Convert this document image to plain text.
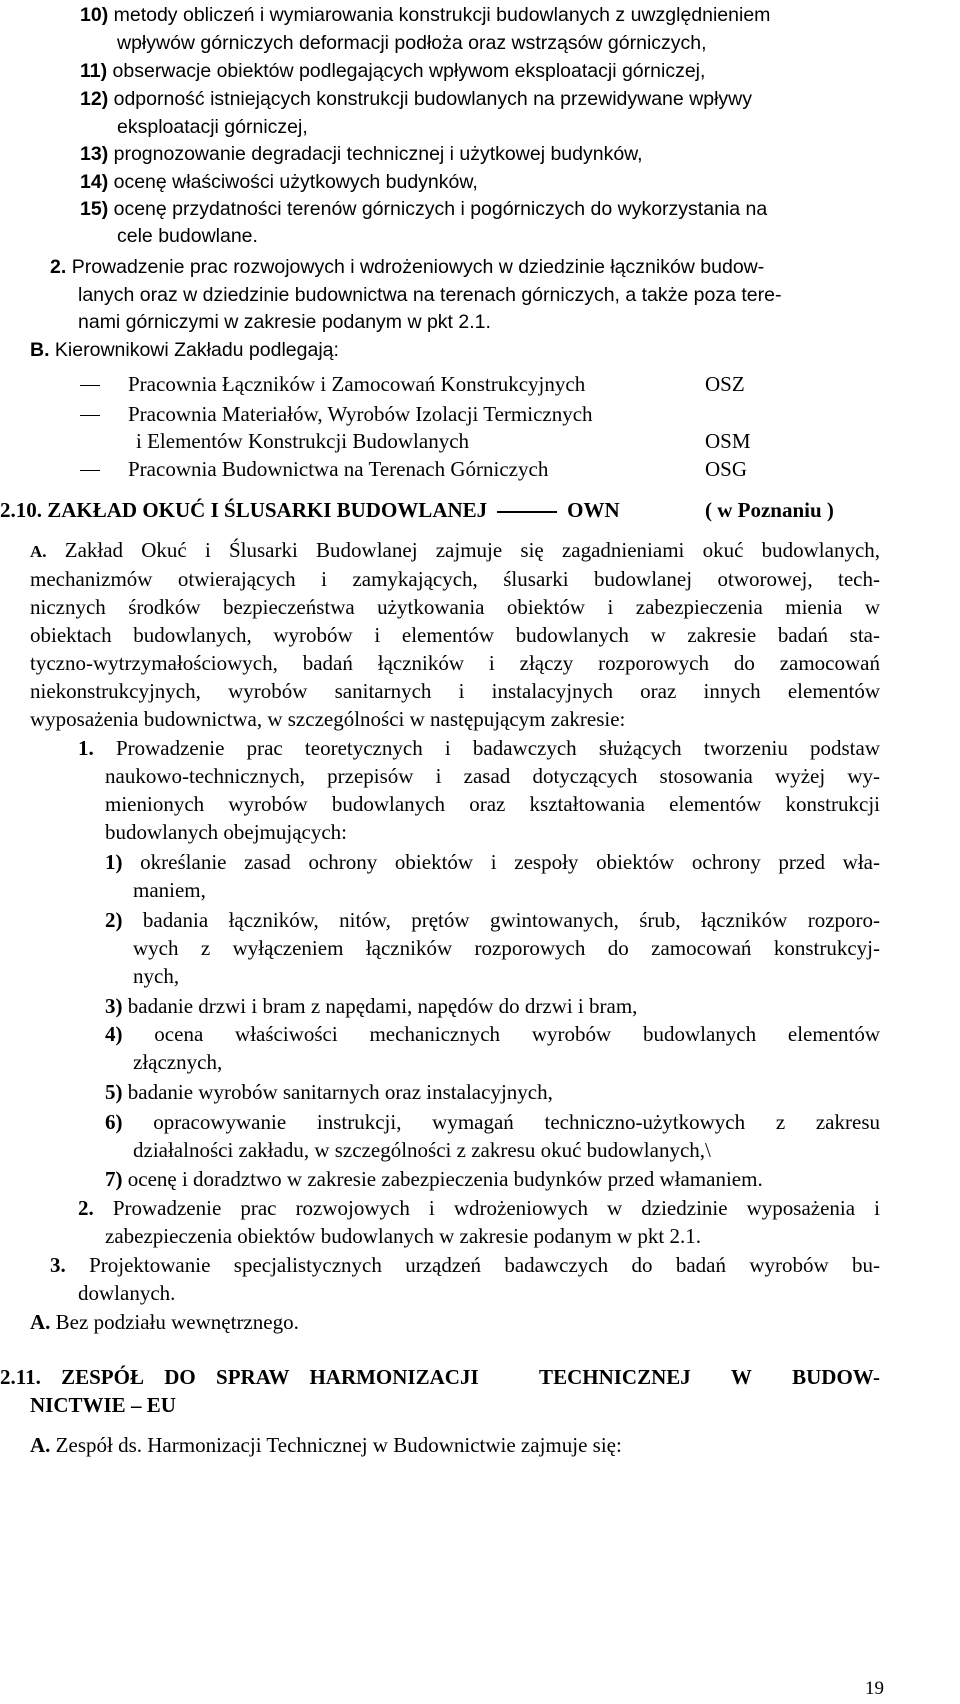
10) metody obliczeń i wymiarowania konstrukcji budowlanych z uwzględnieniem
wpływów górniczych deformacji podłoża oraz wstrząsów górniczych,
11) obserwacje obiektów podlegających wpływom eksploatacji górniczej,
12) odporność istniejących konstrukcji budowlanych na przewidywane wpływy
eksploatacji górniczej,
13) prognozowanie degradacji technicznej i użytkowej budynków,
14) ocenę właściwości użytkowych budynków,
15) ocenę przydatności terenów górniczych i pogórniczych do wykorzystania na
cele budowlane.
2. Prowadzenie prac rozwojowych i wdrożeniowych w dziedzinie łączników budow-
lanych oraz w dziedzinie budownictwa na terenach górniczych, a także poza tere-
nami górniczymi w zakresie podanym w pkt 2.1.
B. Kierownikowi Zakładu podlegają:
Pracownia Łączników i Zamocowań Konstrukcyjnych	OSZ
Pracownia Materiałów, Wyrobów Izolacji Termicznych
i Elementów Konstrukcji Budowlanych	OSM
Pracownia Budownictwa na Terenach Górniczych	OSG
2.10. ZAKŁAD OKUĆ I ŚLUSARKI BUDOWLANEJ	OWN	( w Poznaniu )
A. Zakład Okuć i Ślusarki Budowlanej zajmuje się zagadnieniami okuć budowlanych,
mechanizmów otwierających i zamykających, ślusarki budowlanej otworowej, tech-
nicznych środków bezpieczeństwa użytkowania obiektów i zabezpieczenia mienia w
obiektach budowlanych, wyrobów i elementów budowlanych w zakresie badań sta-
tyczno-wytrzymałościowych, badań łączników i złączy rozporowych do zamocowań
niekonstrukcyjnych, wyrobów sanitarnych i instalacyjnych oraz innych elementów
wyposażenia budownictwa, w szczególności w następującym zakresie:
1. Prowadzenie prac teoretycznych i badawczych służących tworzeniu podstaw
naukowo-technicznych, przepisów i zasad dotyczących stosowania wyżej wy-
mienionych wyrobów budowlanych oraz kształtowania elementów konstrukcji
budowlanych obejmujących:
1) określanie zasad ochrony obiektów i zespoły obiektów ochrony przed wła-
maniem,
2) badania łączników, nitów, prętów gwintowanych, śrub, łączników rozporo-
wych z wyłączeniem łączników rozporowych do zamocowań konstrukcyj-
nych,
3) badanie drzwi i bram z napędami, napędów do drzwi i bram,
4) ocena właściwości mechanicznych wyrobów budowlanych elementów
złącznych,
5) badanie wyrobów sanitarnych oraz instalacyjnych,
6) opracowywanie instrukcji, wymagań techniczno-użytkowych z zakresu
działalności zakładu, w szczególności z zakresu okuć budowlanych,\
7) ocenę i doradztwo w zakresie zabezpieczenia budynków przed włamaniem.
2. Prowadzenie prac rozwojowych i wdrożeniowych w dziedzinie wyposażenia i
zabezpieczenia obiektów budowlanych w zakresie podanym w pkt 2.1.
3. Projektowanie specjalistycznych urządzeń badawczych do badań wyrobów bu-
dowlanych.
A. Bez podziału wewnętrznego.
2.11. ZESPÓŁ DO SPRAW HARMONIZACJI   TECHNICZNEJ  W  BUDOW-
NICTWIE – EU
A. Zespół ds. Harmonizacji Technicznej w Budownictwie zajmuje się:
19
